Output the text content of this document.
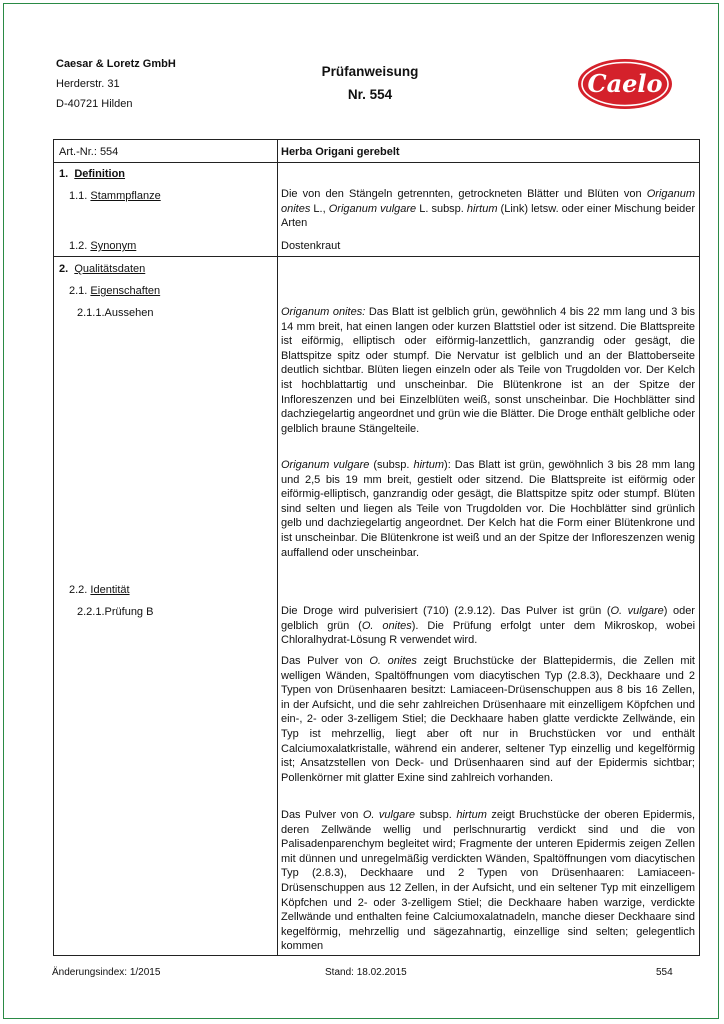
Caesar & Loretz GmbH
Herderstr. 31
D-40721 Hilden
Prüfanweisung
Nr. 554	Caelo
Art.-Nr.: 554	Herba Origani gerebelt
1. Definition
1.1. Stammpflanze	Die von den Stängeln getrennten, getrockneten Blätter und Blüten von Origanum onites L., Origanum vulgare L. subsp. hirtum (Link) letsw. oder einer Mischung beider Arten
1.2. Synonym	Dostenkraut
2. Qualitätsdaten
2.1. Eigenschaften
2.1.1.Aussehen	Origanum onites: Das Blatt ist gelblich grün, gewöhnlich 4 bis 22 mm lang und 3 bis 14 mm breit, hat einen langen oder kurzen Blattstiel oder ist sitzend. Die Blattspreite ist eiförmig, elliptisch oder eiförmig-lanzettlich, ganzrandig oder gesägt, die Blattspitze spitz oder stumpf. Die Nervatur ist gelblich und an der Blattoberseite deutlich sichtbar. Blüten liegen einzeln oder als Teile von Trugdolden vor. Der Kelch ist hochblattartig und unscheinbar. Die Blütenkrone ist an der Spitze der Infloreszenzen und bei Einzelblüten weiß, sonst unscheinbar. Die Hochblätter sind dachziegelartig angeordnet und grün wie die Blätter. Die Droge enthält gelbliche oder gelblich braune Stängelteile.
Origanum vulgare (subsp. hirtum): Das Blatt ist grün, gewöhnlich 3 bis 28 mm lang und 2,5 bis 19 mm breit, gestielt oder sitzend. Die Blattspreite ist eiförmig oder eiförmig-elliptisch, ganzrandig oder gesägt, die Blattspitze spitz oder stumpf. Blüten sind selten und liegen als Teile von Trugdolden vor. Die Hochblätter sind grünlich gelb und dachziegelartig angeordnet. Der Kelch hat die Form einer Blütenkrone und ist unscheinbar. Die Blütenkrone ist weiß und an der Spitze der Infloreszenzen wenig auffallend oder unscheinbar.
2.2. Identität
2.2.1.Prüfung B	Die Droge wird pulverisiert (710) (2.9.12). Das Pulver ist grün (O. vulgare) oder gelblich grün (O. onites). Die Prüfung erfolgt unter dem Mikroskop, wobei Chloralhydrat-Lösung R verwendet wird.
Das Pulver von O. onites zeigt Bruchstücke der Blattepidermis, die Zellen mit welligen Wänden, Spaltöffnungen vom diacytischen Typ (2.8.3), Deckhaare und 2 Typen von Drüsenhaaren besitzt: Lamiaceen-Drüsenschuppen aus 8 bis 16 Zellen, in der Aufsicht, und die sehr zahlreichen Drüsenhaare mit einzelligem Köpfchen und ein-, 2- oder 3-zelligem Stiel; die Deckhaare haben glatte verdickte Zellwände, ein Typ ist mehrzellig, liegt aber oft nur in Bruchstücken vor und enthält Calciumoxalatkristalle, während ein anderer, seltener Typ einzellig und kegelförmig ist; Ansatzstellen von Deck- und Drüsenhaaren sind auf der Epidermis sichtbar; Pollenkörner mit glatter Exine sind zahlreich vorhanden.
Das Pulver von O. vulgare subsp. hirtum zeigt Bruchstücke der oberen Epidermis, deren Zellwände wellig und perlschnurartig verdickt sind und die von Palisadenparenchym begleitet wird; Fragmente der unteren Epidermis zeigen Zellen mit dünnen und unregelmäßig verdickten Wänden, Spaltöffnungen vom diacytischen Typ (2.8.3), Deckhaare und 2 Typen von Drüsenhaaren: Lamiaceen-Drüsenschuppen aus 12 Zellen, in der Aufsicht, und ein seltener Typ mit einzelligem Köpfchen und 2- oder 3-zelligem Stiel; die Deckhaare haben warzige, verdickte Zellwände und enthalten feine Calciumoxalatnadeln, manche dieser Deckhaare sind kegelförmig, mehrzellig und sägezahnartig, einzellige sind selten; gelegentlich kommen
Änderungsindex: 1/2015	Stand: 18.02.2015	554
